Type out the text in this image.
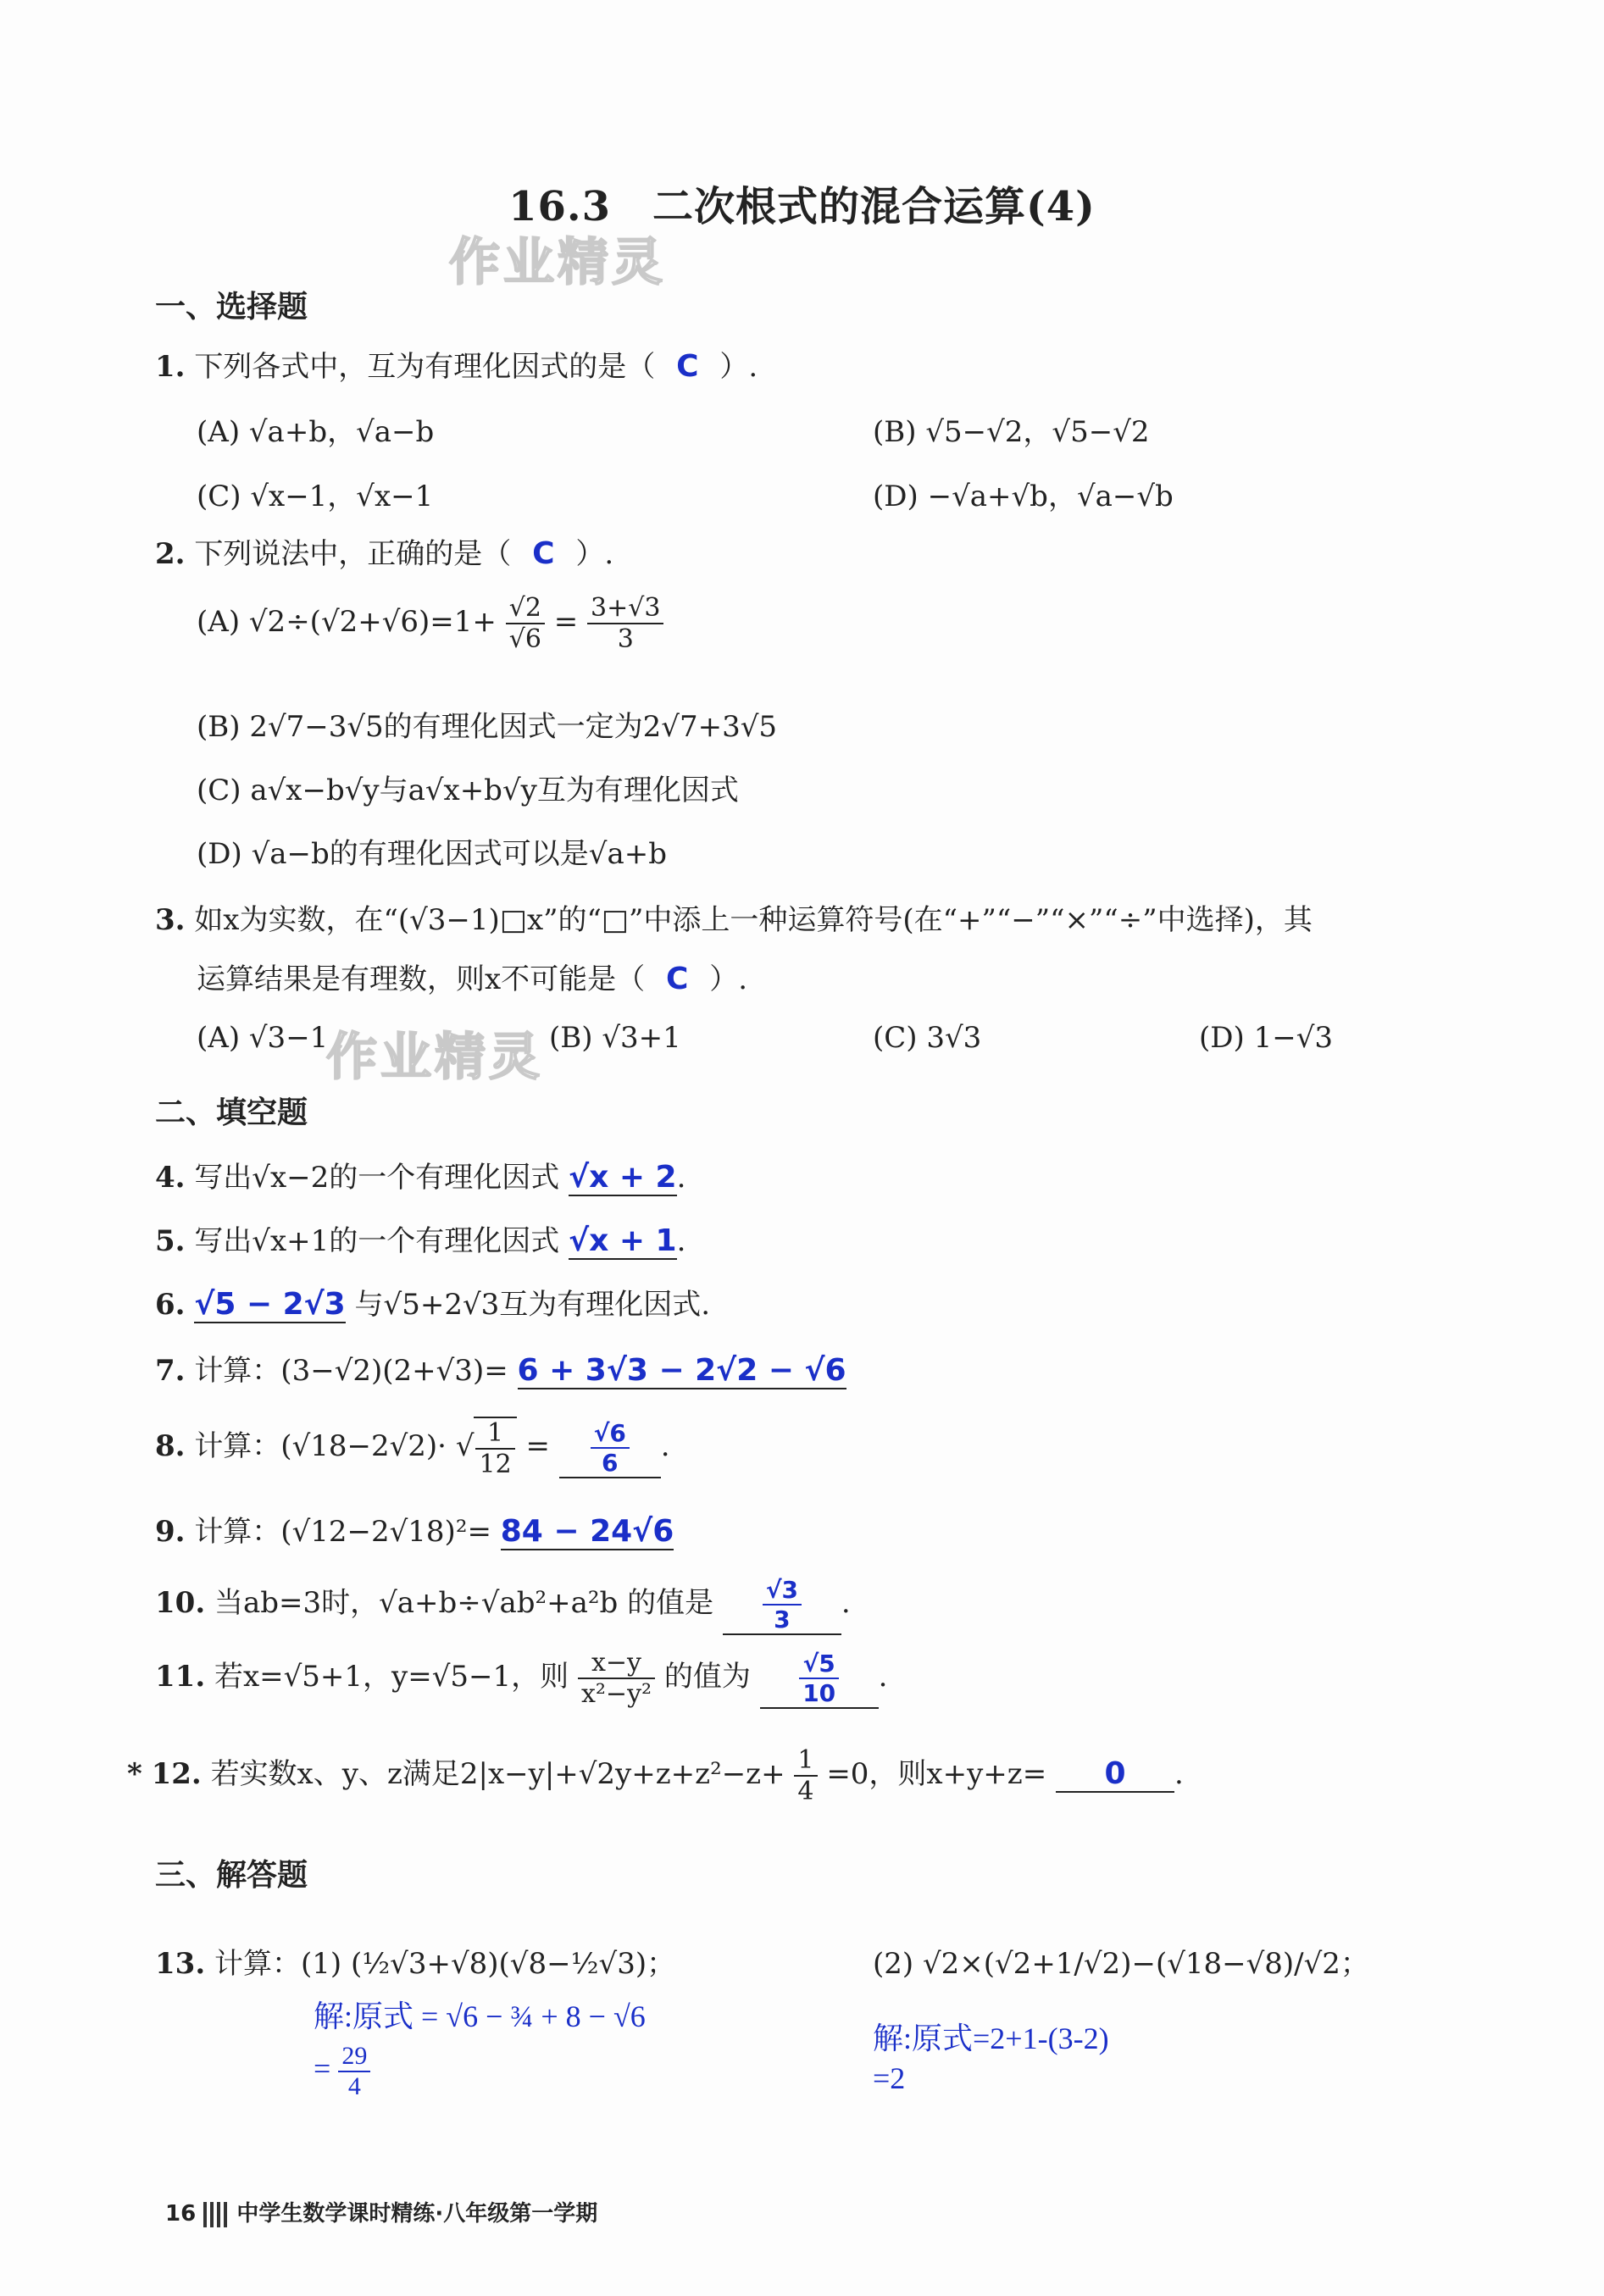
16.3　二次根式的混合运算(4)
作业精灵
作业精灵
一、选择题
1. 下列各式中，互为有理化因式的是（ C ）.
(A) √a+b，√a−b	(B) √5−√2，√5−√2
(C) √x−1，√x−1	(D) −√a+√b，√a−√b
2. 下列说法中，正确的是（ C ）.
(A) $√2\div(√2+√6)=1+ \frac{√2}{√6} = \frac{3+√3}{3}$
(B) 2√7−3√5的有理化因式一定为2√7+3√5
(C) a√x−b√y与a√x+b√y互为有理化因式
(D) √a−b的有理化因式可以是√a+b
3. 如x为实数，在“(√3−1)□x”的“□”中添上一种运算符号(在“+”“−”“×”“÷”中选择)，其
运算结果是有理数，则x不可能是（ C ）.
(A) √3−1	(B) √3+1	(C) 3√3	(D) 1−√3
二、填空题
4. 写出√x−2的一个有理化因式 √x + 2.
5. 写出√x+1的一个有理化因式 √x + 1.
6. √5 − 2√3 与√5+2√3互为有理化因式.
7. 计算：(3−√2)(2+√3)= 6 + 3√3 − 2√2 − √6
8. 计算：(√18−2√2)· √ $\frac{1}{12} = \frac{√6}{6}$ .
9. 计算：(√12−2√18)²= 84 − 24√6
10. 当ab=3时，√a+b÷√ab²+a²b 的值是 $\frac{√3}{3}$ .
11. 若x=√5+1，y=√5−1，则 $\frac{x-y}{\text{x²−y²}}$ 的值为 $\frac{√5}{10}$ .
* 12. 若实数x、y、z满足$2|x-y|+√2y+z+z^2-z+ \frac{1}{4} =0$，则x+y+z= 0 .
三、解答题
13. 计算：(1) (½√3+√8)(√8−½√3)；	(2) √2×(√2+1/√2)−(√18−√8)/√2；
解:原式 = √6 − ¾ + 8 − √6
= $\frac{29}{4}$
解:原式=2+1-(3-2)
=2
16 中学生数学课时精练·八年级第一学期
